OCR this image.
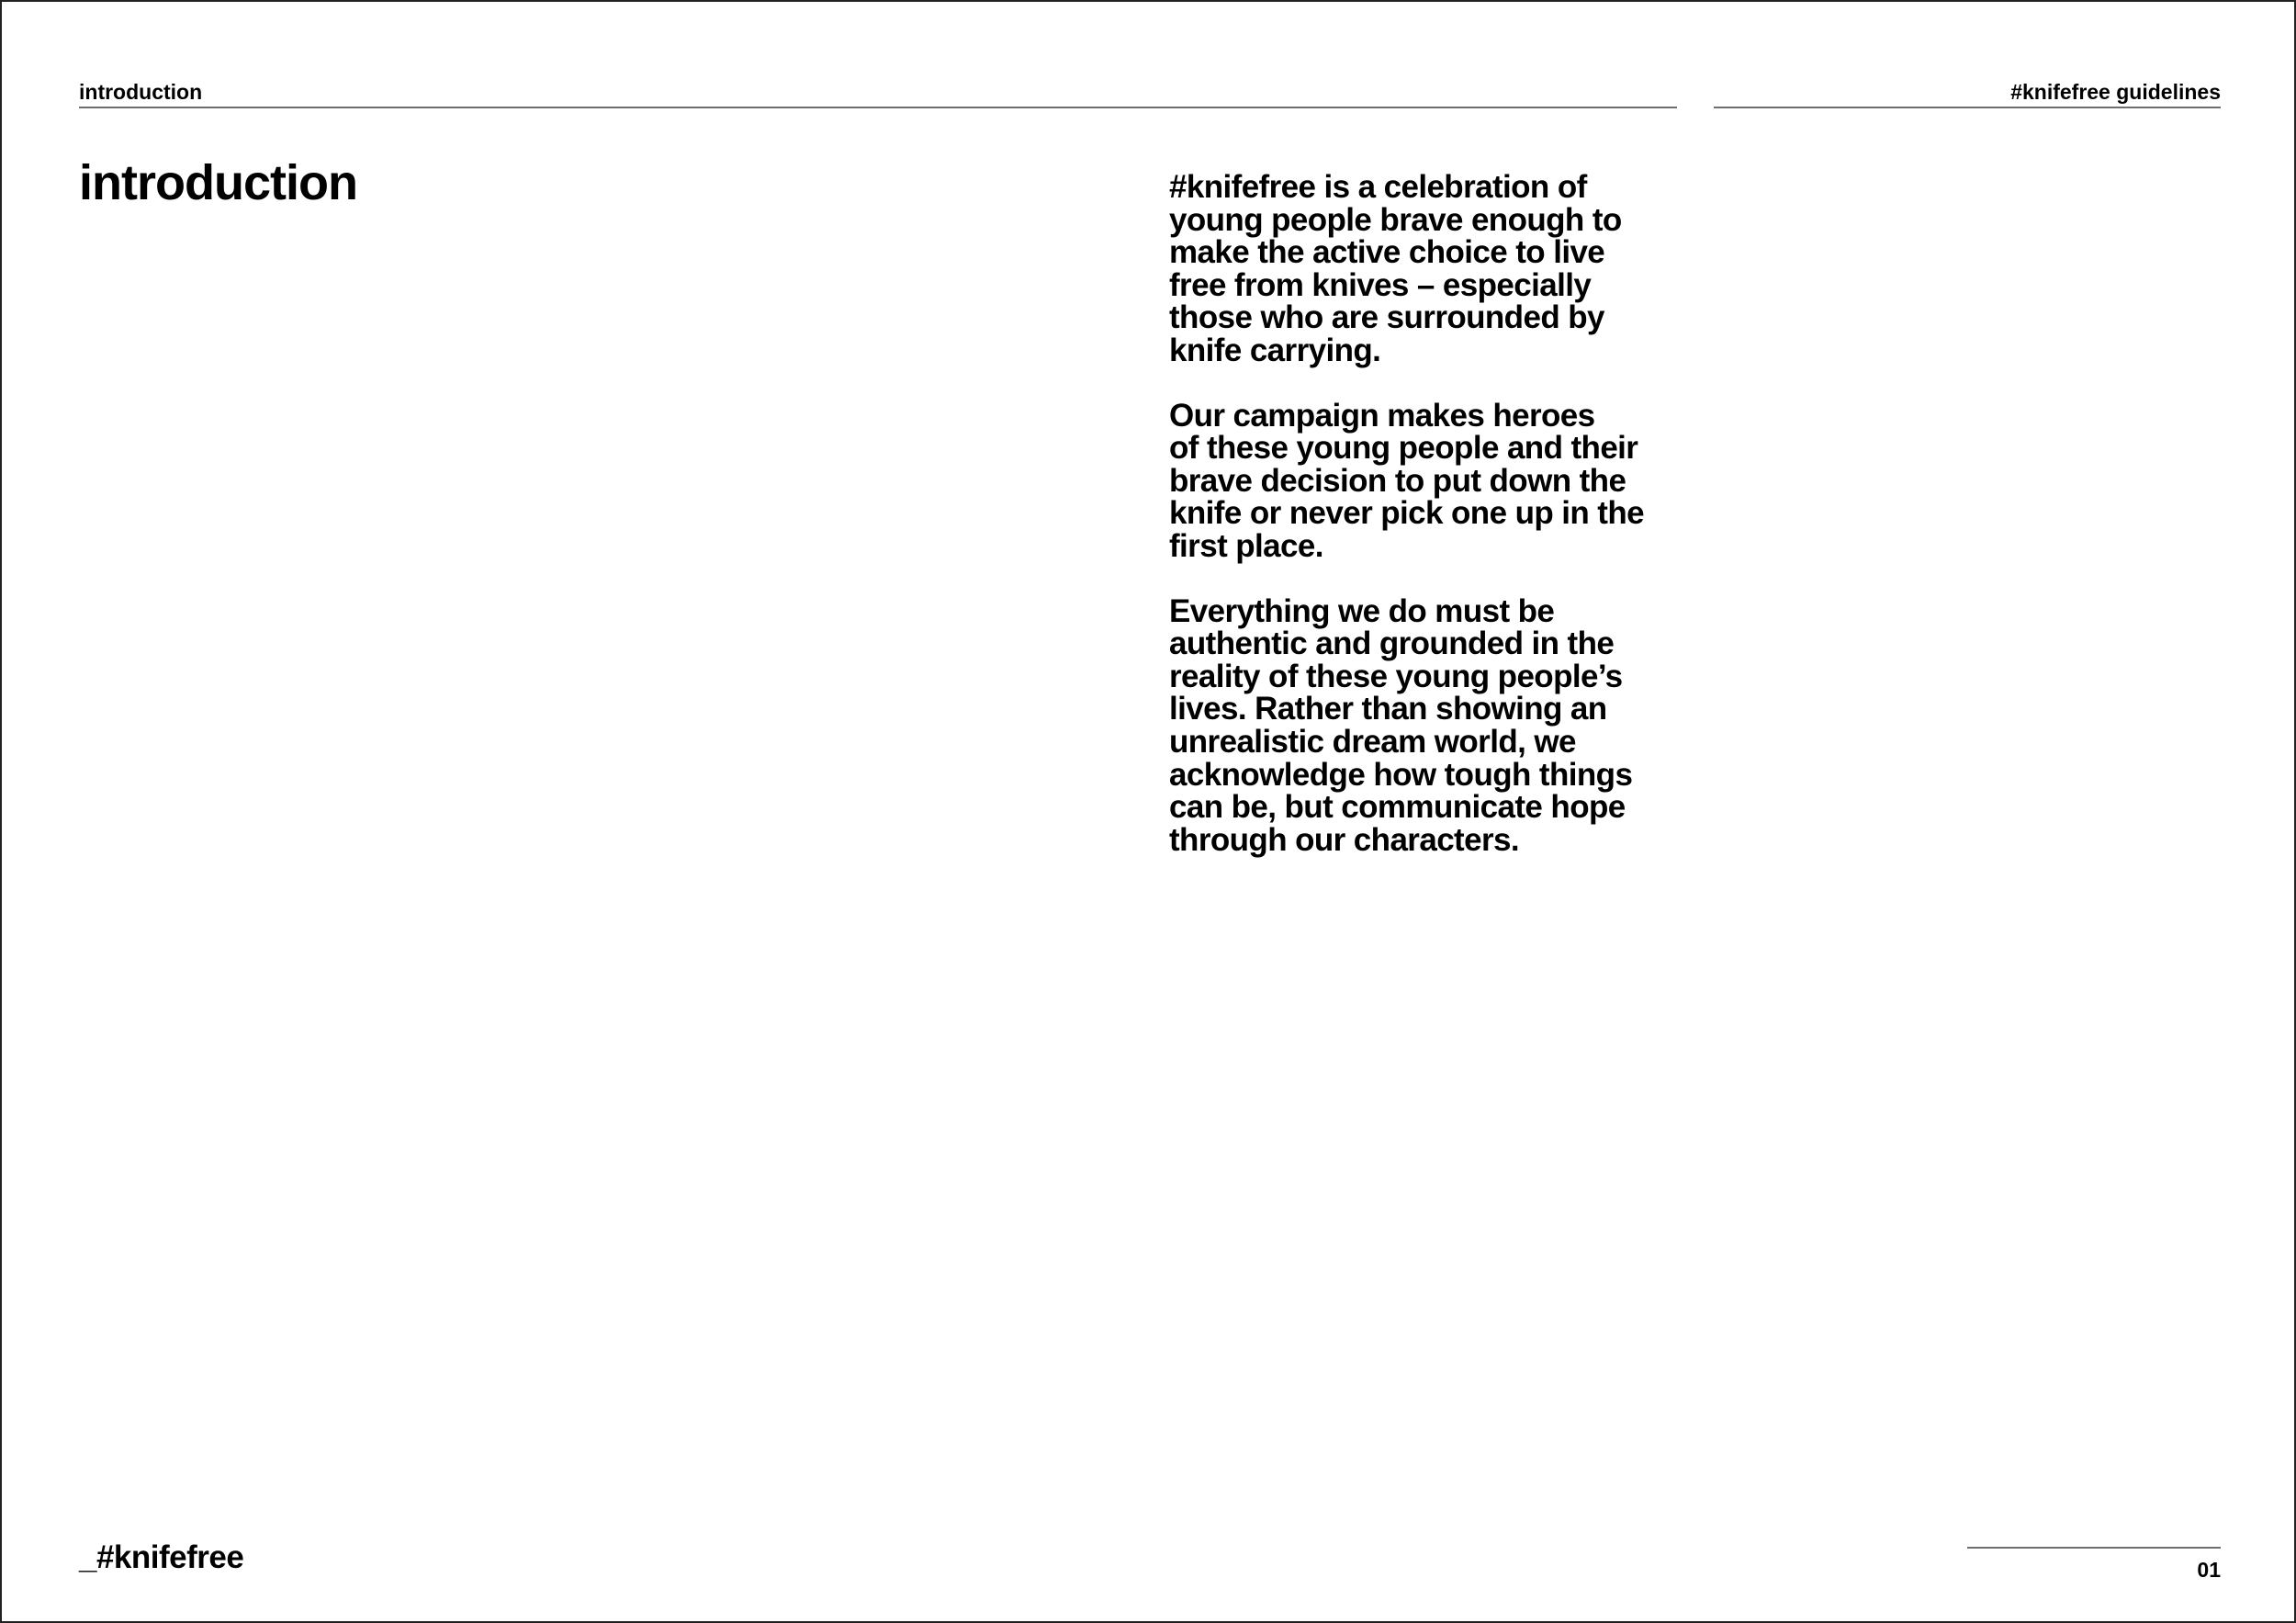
introduction	#knifefree guidelines
introduction	#knifefree is a celebration of
young people brave enough to
make the active choice to live
free from knives – especially
those who are surrounded by
knife carrying.

Our campaign makes heroes
of these young people and their
brave decision to put down the
knife or never pick one up in the
first place.

Everything we do must be
authentic and grounded in the
reality of these young people’s
lives. Rather than showing an
unrealistic dream world, we
acknowledge how tough things
can be, but communicate hope
through our characters.

_#knifefree	01
